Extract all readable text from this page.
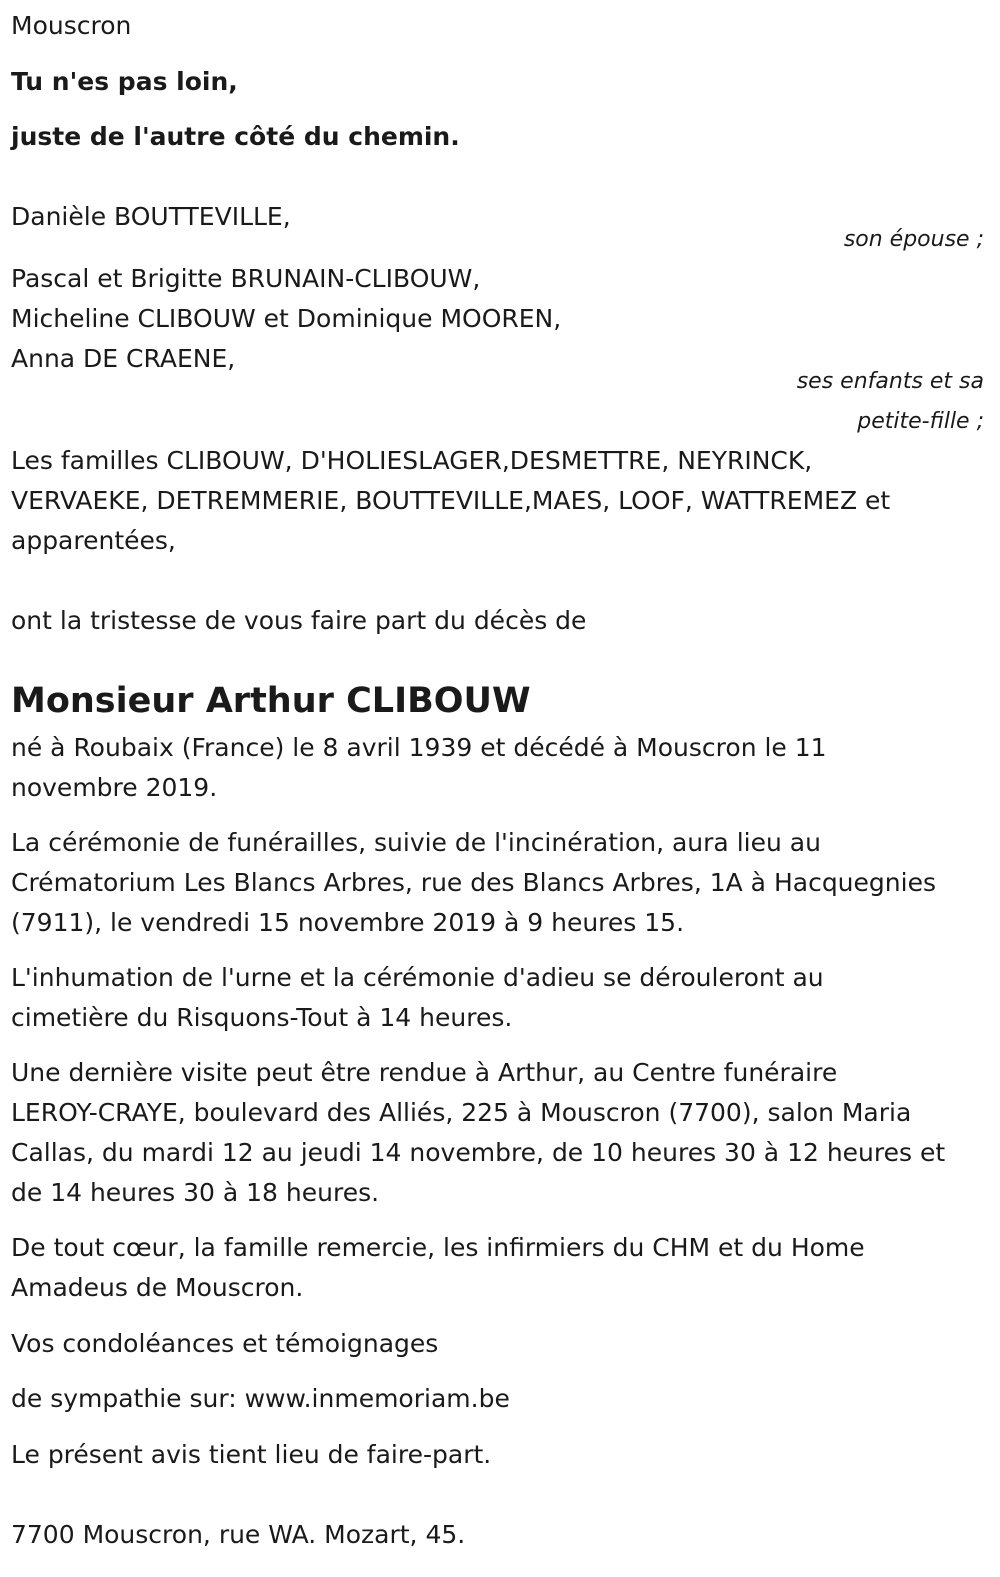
Mouscron
Tu n'es pas loin,
juste de l'autre côté du chemin.
Danièle BOUTTEVILLE,
son épouse ;
Pascal et Brigitte BRUNAIN-CLIBOUW,
Micheline CLIBOUW et Dominique MOOREN,
Anna DE CRAENE,
ses enfants et sa
petite-fille ;
Les familles CLIBOUW, D'HOLIESLAGER,DESMETTRE, NEYRINCK,
VERVAEKE, DETREMMERIE, BOUTTEVILLE,MAES, LOOF, WATTREMEZ et
apparentées,
ont la tristesse de vous faire part du décès de
Monsieur Arthur CLIBOUW
né à Roubaix (France) le 8 avril 1939 et décédé à Mouscron le 11
novembre 2019.
La cérémonie de funérailles, suivie de l'incinération, aura lieu au
Crématorium Les Blancs Arbres, rue des Blancs Arbres, 1A à Hacquegnies
(7911), le vendredi 15 novembre 2019 à 9 heures 15.
L'inhumation de l'urne et la cérémonie d'adieu se dérouleront au
cimetière du Risquons-Tout à 14 heures.
Une dernière visite peut être rendue à Arthur, au Centre funéraire
LEROY-CRAYE, boulevard des Alliés, 225 à Mouscron (7700), salon Maria
Callas, du mardi 12 au jeudi 14 novembre, de 10 heures 30 à 12 heures et
de 14 heures 30 à 18 heures.
De tout cœur, la famille remercie, les infirmiers du CHM et du Home
Amadeus de Mouscron.
Vos condoléances et témoignages
de sympathie sur: www.inmemoriam.be
Le présent avis tient lieu de faire-part.
7700 Mouscron, rue WA. Mozart, 45.
